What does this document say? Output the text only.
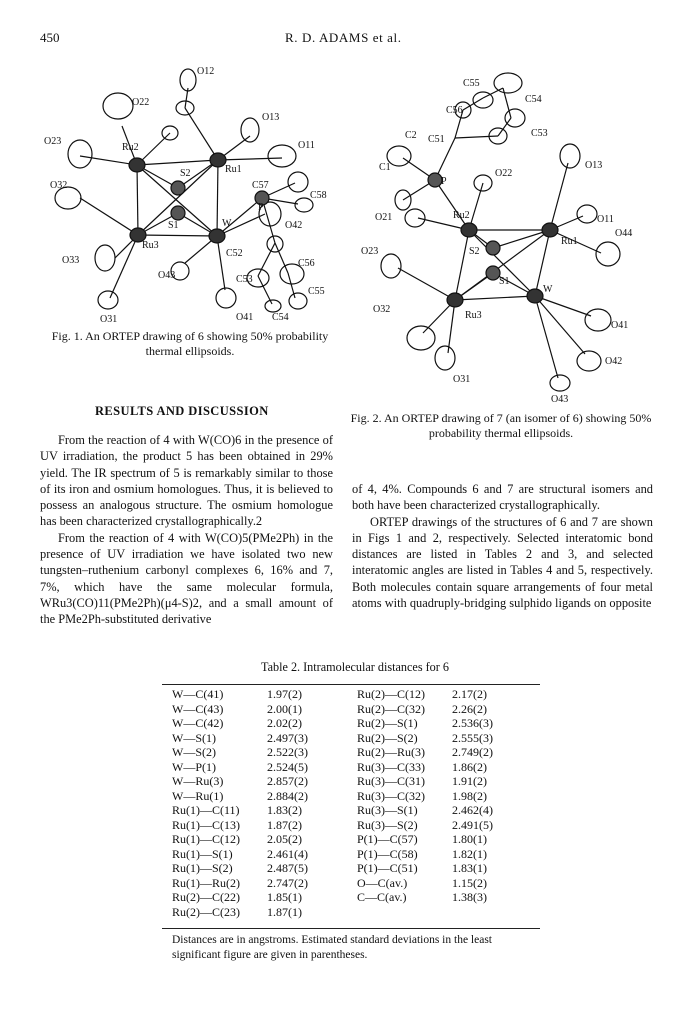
450	R. D. ADAMS et al.
O12
O22
O13
O23
Ru2	O11
Ru1
O32
S2
C57
C58
S1	W
P
Ru3
O42
C52
O33
O43
C56
C53
C55
O31	O41 C54
Fig. 1. An ORTEP drawing of 6 showing 50% probability thermal ellipsoids.
C55
C54
C56
C53
C2 C51
C1
P
O22
O13
O21	Ru2	O11
O23	S2
Ru1
O44
S1
W
O32
Ru3
O41
O42
O31
O43
Fig. 2. An ORTEP drawing of 7 (an isomer of 6) showing 50% probability thermal ellipsoids.
RESULTS AND DISCUSSION

From the reaction of 4 with W(CO)6 in the presence of UV irradiation, the product 5 has been obtained in 29% yield. The IR spectrum of 5 is remarkably similar to those of its iron and osmium homologues. Thus, it is believed to possess an analogous structure. The osmium homologue has been characterized crystallographically.2

From the reaction of 4 with W(CO)5(PMe2Ph) in the presence of UV irradiation we have isolated two new tungsten–ruthenium carbonyl complexes 6, 16% and 7, 7%, which have the same molecular formula, WRu3(CO)11(PMe2Ph)(μ4-S)2, and a small amount of the PMe2Ph-substituted derivative

of 4, 4%. Compounds 6 and 7 are structural isomers and both have been characterized crystallographically.

ORTEP drawings of the structures of 6 and 7 are shown in Figs 1 and 2, respectively. Selected interatomic bond distances are listed in Tables 2 and 3, and selected interatomic angles are listed in Tables 4 and 5, respectively. Both molecules contain square arrangements of four metal atoms with quadruply-bridging sulphido ligands on opposite

Table 2. Intramolecular distances for 6
W—C(41)	1.97(2)	Ru(2)—C(12)	2.17(2)
W—C(43)	2.00(1)	Ru(2)—C(32)	2.26(2)
W—C(42)	2.02(2)	Ru(2)—S(1)	2.536(3)
W—S(1)	2.497(3)	Ru(2)—S(2)	2.555(3)
W—S(2)	2.522(3)	Ru(2)—Ru(3)	2.749(2)
W—P(1)	2.524(5)	Ru(3)—C(33)	1.86(2)
W—Ru(3)	2.857(2)	Ru(3)—C(31)	1.91(2)
W—Ru(1)	2.884(2)	Ru(3)—C(32)	1.98(2)
Ru(1)—C(11)	1.83(2)	Ru(3)—S(1)	2.462(4)
Ru(1)—C(13)	1.87(2)	Ru(3)—S(2)	2.491(5)
Ru(1)—C(12)	2.05(2)	P(1)—C(57)	1.80(1)
Ru(1)—S(1)	2.461(4)	P(1)—C(58)	1.82(1)
Ru(1)—S(2)	2.487(5)	P(1)—C(51)	1.83(1)
Ru(1)—Ru(2)	2.747(2)	O—C(av.)	1.15(2)
Ru(2)—C(22)	1.85(1)	C—C(av.)	1.38(3)
Ru(2)—C(23)	1.87(1)		
Distances are in angstroms. Estimated standard deviations in the least significant figure are given in parentheses.
